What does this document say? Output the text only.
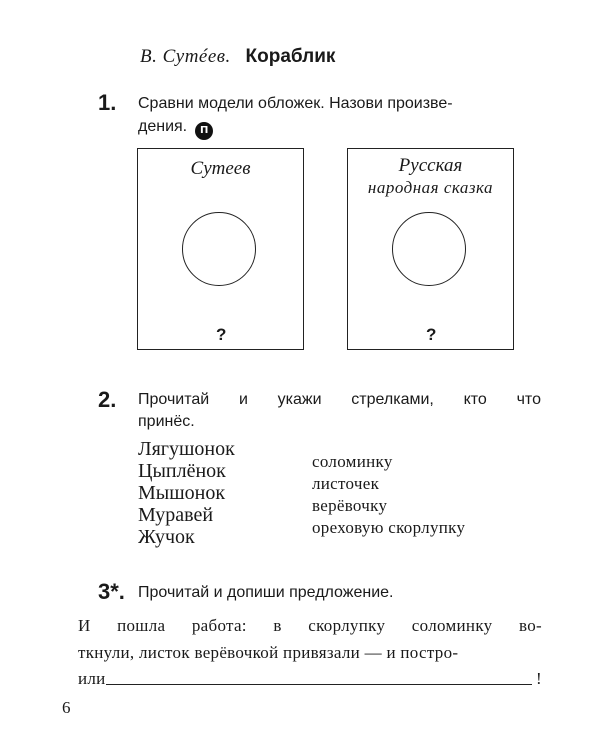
В. Сутéев. Кораблик
1. Сравни модели обложек. Назови произве-
дения. П
Сутеев
?
Русская
народная сказка
?
2. Прочитай и укажи стрелками, кто что
принёс.
Лягушонок
Цыплёнок
Мышонок
Муравей
Жучок
соломинку
листочек
верёвочку
ореховую скорлупку
3*. Прочитай и допиши предложение.
И пошла работа: в скорлупку соломинку во-
ткнули, листок верёвочкой привязали — и постро-
или	!
6
